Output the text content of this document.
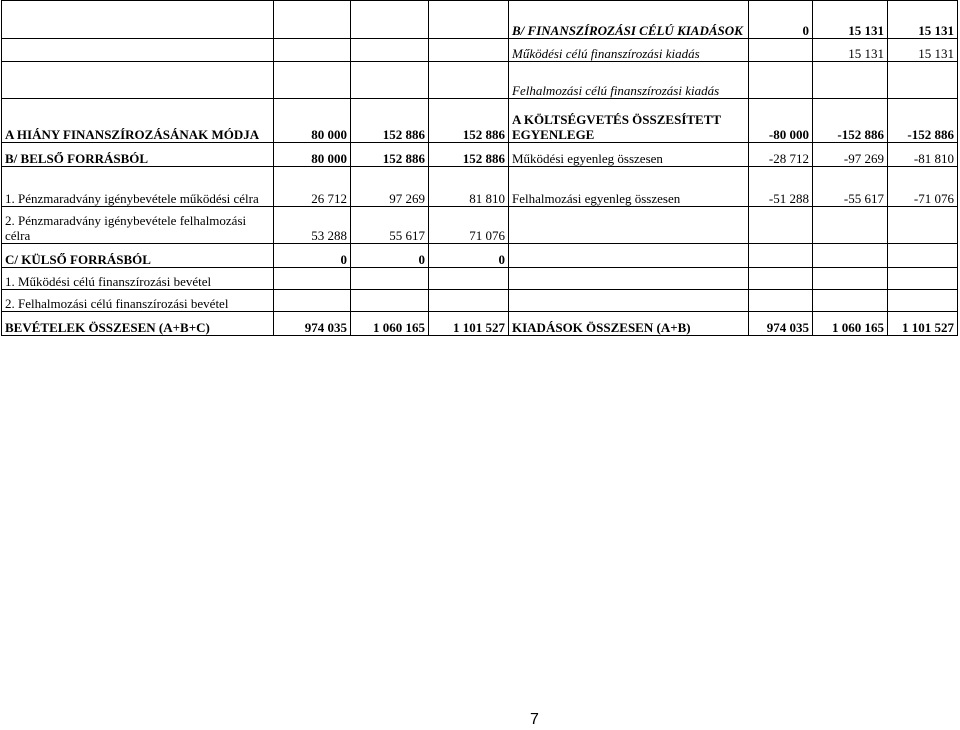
				B/ FINANSZÍROZÁSI CÉLÚ KIADÁSOK	0	15 131	15 131
				Működési célú finanszírozási kiadás		15 131	15 131
				Felhalmozási célú finanszírozási kiadás			
A HIÁNY FINANSZÍROZÁSÁNAK MÓDJA	80 000	152 886	152 886	A KÖLTSÉGVETÉS ÖSSZESÍTETT EGYENLEGE	-80 000	-152 886	-152 886
B/ BELSŐ FORRÁSBÓL	80 000	152 886	152 886	Működési egyenleg összesen	-28 712	-97 269	-81 810
1. Pénzmaradvány igénybevétele működési célra	26 712	97 269	81 810	Felhalmozási egyenleg összesen	-51 288	-55 617	-71 076
2. Pénzmaradvány igénybevétele felhalmozási célra	53 288	55 617	71 076				
C/ KÜLSŐ FORRÁSBÓL	0	0	0				
1. Működési célú finanszírozási bevétel							
2. Felhalmozási célú finanszírozási bevétel							
BEVÉTELEK ÖSSZESEN (A+B+C)	974 035	1 060 165	1 101 527	KIADÁSOK ÖSSZESEN (A+B)	974 035	1 060 165	1 101 527
7
